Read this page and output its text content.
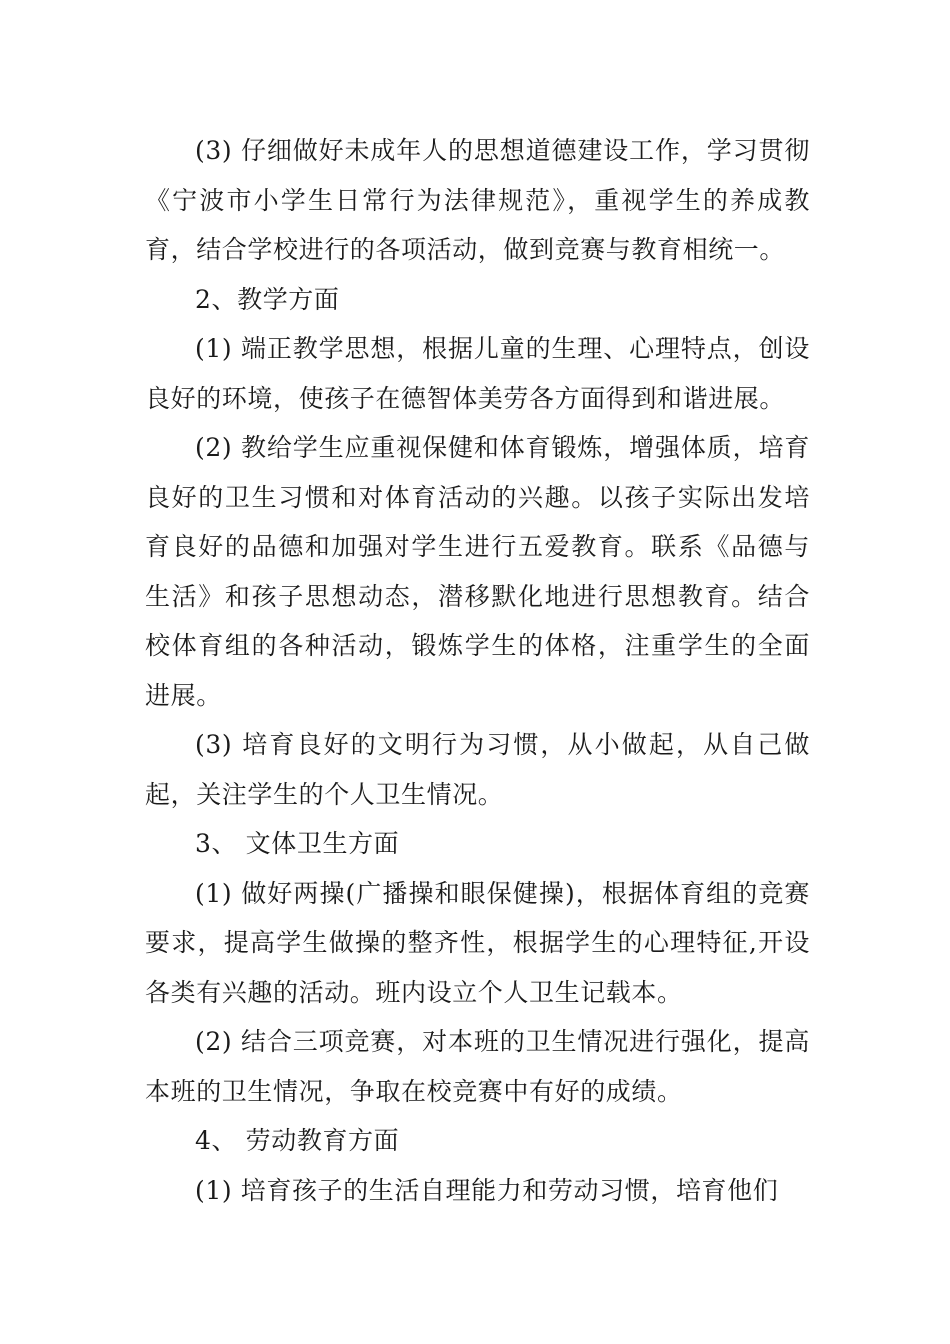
(3) 仔细做好未成年人的思想道德建设工作，学习贯彻《宁波市小学生日常行为法律规范》，重视学生的养成教育，结合学校进行的各项活动，做到竞赛与教育相统一。

2、教学方面

(1) 端正教学思想，根据儿童的生理、心理特点，创设良好的环境，使孩子在德智体美劳各方面得到和谐进展。

(2) 教给学生应重视保健和体育锻炼，增强体质，培育良好的卫生习惯和对体育活动的兴趣。以孩子实际出发培育良好的品德和加强对学生进行五爱教育。联系《品德与生活》和孩子思想动态，潜移默化地进行思想教育。结合校体育组的各种活动，锻炼学生的体格，注重学生的全面进展。

(3) 培育良好的文明行为习惯，从小做起，从自己做起，关注学生的个人卫生情况。

3、 文体卫生方面

(1) 做好两操(广播操和眼保健操)，根据体育组的竞赛要求，提高学生做操的整齐性，根据学生的心理特征,开设各类有兴趣的活动。班内设立个人卫生记载本。

(2) 结合三项竞赛，对本班的卫生情况进行强化，提高本班的卫生情况，争取在校竞赛中有好的成绩。

4、 劳动教育方面

(1) 培育孩子的生活自理能力和劳动习惯，培育他们
